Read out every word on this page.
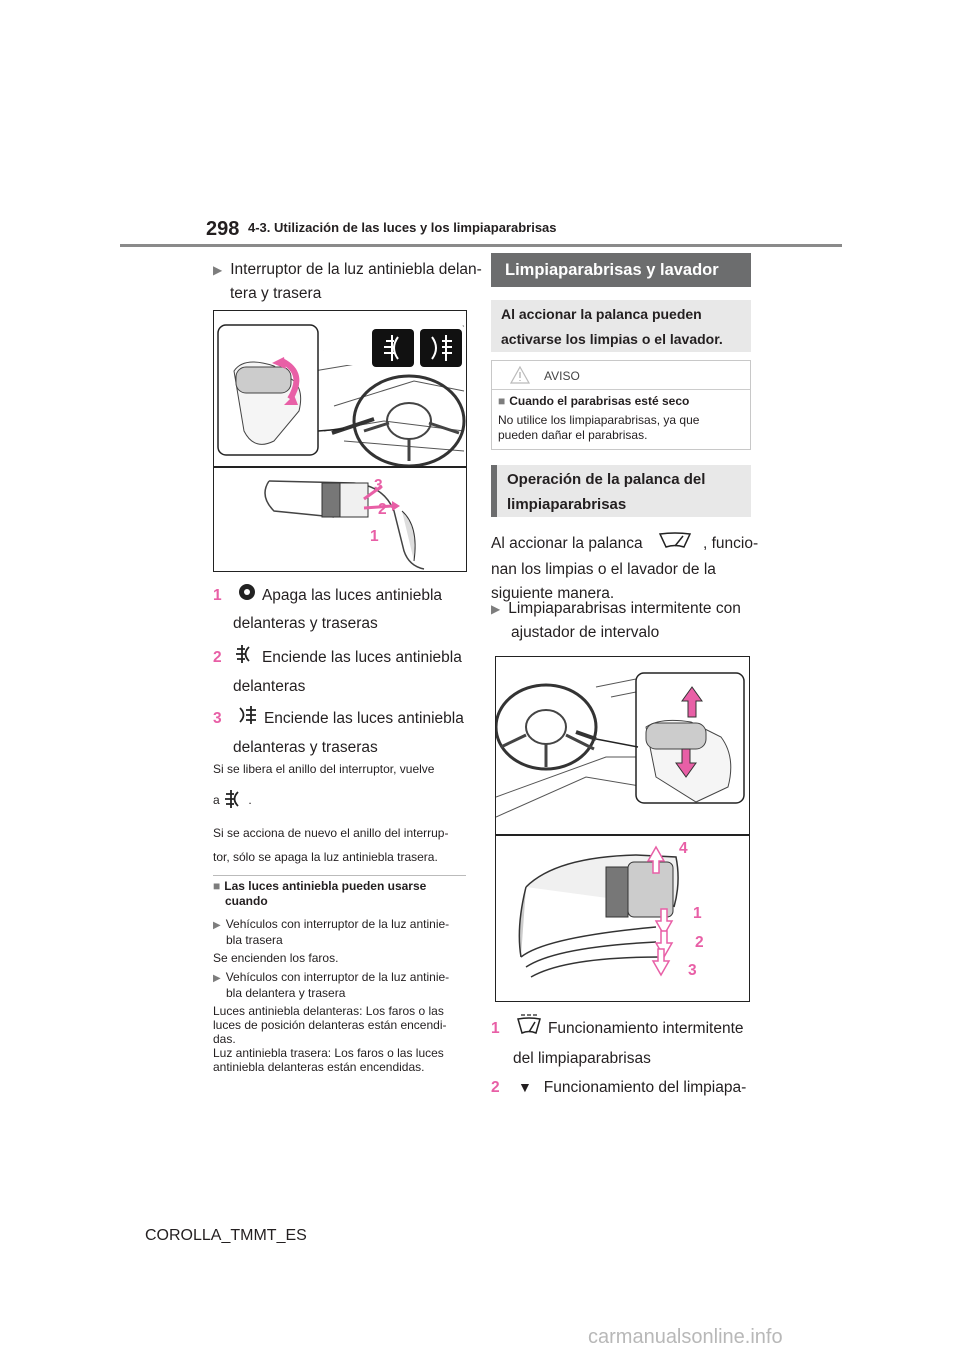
298 4-3. Utilización de las luces y los limpiaparabrisas
▶ Interruptor de la luz antiniebla delan-
tera y trasera
3
2
1
1	Apaga las luces antiniebla
delanteras y traseras
2	Enciende las luces antiniebla
delanteras
3	Enciende las luces antiniebla
delanteras y traseras
Si se libera el anillo del interruptor, vuelve

a .
Si se acciona de nuevo el anillo del interrup-
tor, sólo se apaga la luz antiniebla trasera.
■ Las luces antiniebla pueden usarse
cuando
▶ Vehículos con interruptor de la luz antinie-
bla trasera
Se encienden los faros.
▶ Vehículos con interruptor de la luz antinie-
bla delantera y trasera
Luces antiniebla delanteras: Los faros o las
luces de posición delanteras están encendi-
das.
Luz antiniebla trasera: Los faros o las luces
antiniebla delanteras están encendidas.
Limpiaparabrisas y lavador
Al accionar la palanca pueden
activarse los limpias o el lavador.
AVISO
■ Cuando el parabrisas esté seco
No utilice los limpiaparabrisas, ya que
pueden dañar el parabrisas.
Operación de la palanca del
limpiaparabrisas
Al accionar la palanca	, funcio-
nan los limpias o el lavador de la
siguiente manera.
▶ Limpiaparabrisas intermitente con
ajustador de intervalo
4
1
2
3
1	Funcionamiento intermitente
del limpiaparabrisas
2 ▼ Funcionamiento del limpiapa-
COROLLA_TMMT_ES
carmanualsonline.info
